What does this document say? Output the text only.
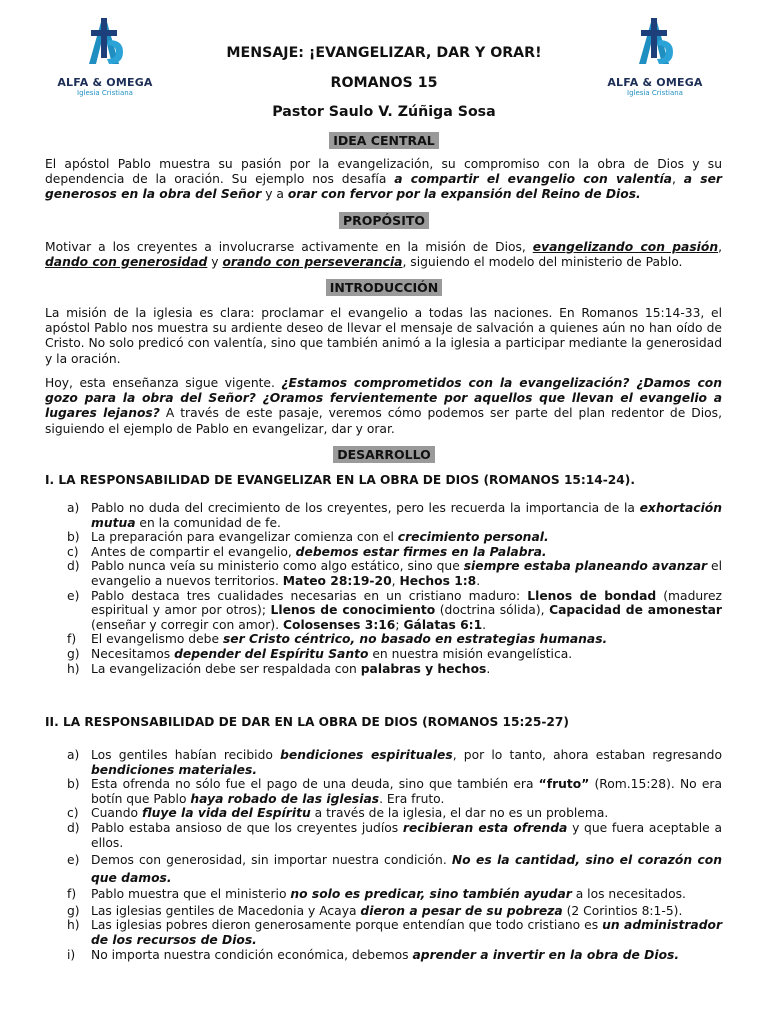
ALFA & OMEGA
Iglesia Cristiana
ALFA & OMEGA
Iglesia Cristiana
MENSAJE: ¡EVANGELIZAR, DAR Y ORAR!
ROMANOS 15
Pastor Saulo V. Zúñiga Sosa
IDEA CENTRAL
El apóstol Pablo muestra su pasión por la evangelización, su compromiso con la obra de Dios y su dependencia de la oración. Su ejemplo nos desafía a compartir el evangelio con valentía, a ser generosos en la obra del Señor y a orar con fervor por la expansión del Reino de Dios.
PROPÓSITO
Motivar a los creyentes a involucrarse activamente en la misión de Dios, evangelizando con pasión, dando con generosidad y orando con perseverancia, siguiendo el modelo del ministerio de Pablo.
INTRODUCCIÓN
La misión de la iglesia es clara: proclamar el evangelio a todas las naciones. En Romanos 15:14-33, el apóstol Pablo nos muestra su ardiente deseo de llevar el mensaje de salvación a quienes aún no han oído de Cristo. No solo predicó con valentía, sino que también animó a la iglesia a participar mediante la generosidad y la oración.
Hoy, esta enseñanza sigue vigente. ¿Estamos comprometidos con la evangelización? ¿Damos con gozo para la obra del Señor? ¿Oramos fervientemente por aquellos que llevan el evangelio a lugares lejanos? A través de este pasaje, veremos cómo podemos ser parte del plan redentor de Dios, siguiendo el ejemplo de Pablo en evangelizar, dar y orar.
DESARROLLO
I. LA RESPONSABILIDAD DE EVANGELIZAR EN LA OBRA DE DIOS (ROMANOS 15:14-24).
a) Pablo no duda del crecimiento de los creyentes, pero les recuerda la importancia de la exhortación mutua en la comunidad de fe.
b) La preparación para evangelizar comienza con el crecimiento personal.
c) Antes de compartir el evangelio, debemos estar firmes en la Palabra.
d) Pablo nunca veía su ministerio como algo estático, sino que siempre estaba planeando avanzar el evangelio a nuevos territorios. Mateo 28:19-20, Hechos 1:8.
e) Pablo destaca tres cualidades necesarias en un cristiano maduro: Llenos de bondad (madurez espiritual y amor por otros); Llenos de conocimiento (doctrina sólida), Capacidad de amonestar (enseñar y corregir con amor). Colosenses 3:16; Gálatas 6:1.
f) El evangelismo debe ser Cristo céntrico, no basado en estrategias humanas.
g) Necesitamos depender del Espíritu Santo en nuestra misión evangelística.
h) La evangelización debe ser respaldada con palabras y hechos.
II. LA RESPONSABILIDAD DE DAR EN LA OBRA DE DIOS (ROMANOS 15:25-27)
a) Los gentiles habían recibido bendiciones espirituales, por lo tanto, ahora estaban regresando bendiciones materiales.
b) Esta ofrenda no sólo fue el pago de una deuda, sino que también era “fruto” (Rom.15:28). No era botín que Pablo haya robado de las iglesias. Era fruto.
c) Cuando fluye la vida del Espíritu a través de la iglesia, el dar no es un problema.
d) Pablo estaba ansioso de que los creyentes judíos recibieran esta ofrenda y que fuera aceptable a ellos.
e) Demos con generosidad, sin importar nuestra condición. No es la cantidad, sino el corazón con que damos.
f) Pablo muestra que el ministerio no solo es predicar, sino también ayudar a los necesitados.
g) Las iglesias gentiles de Macedonia y Acaya dieron a pesar de su pobreza (2 Corintios 8:1-5).
h) Las iglesias pobres dieron generosamente porque entendían que todo cristiano es un administrador de los recursos de Dios.
i) No importa nuestra condición económica, debemos aprender a invertir en la obra de Dios.
